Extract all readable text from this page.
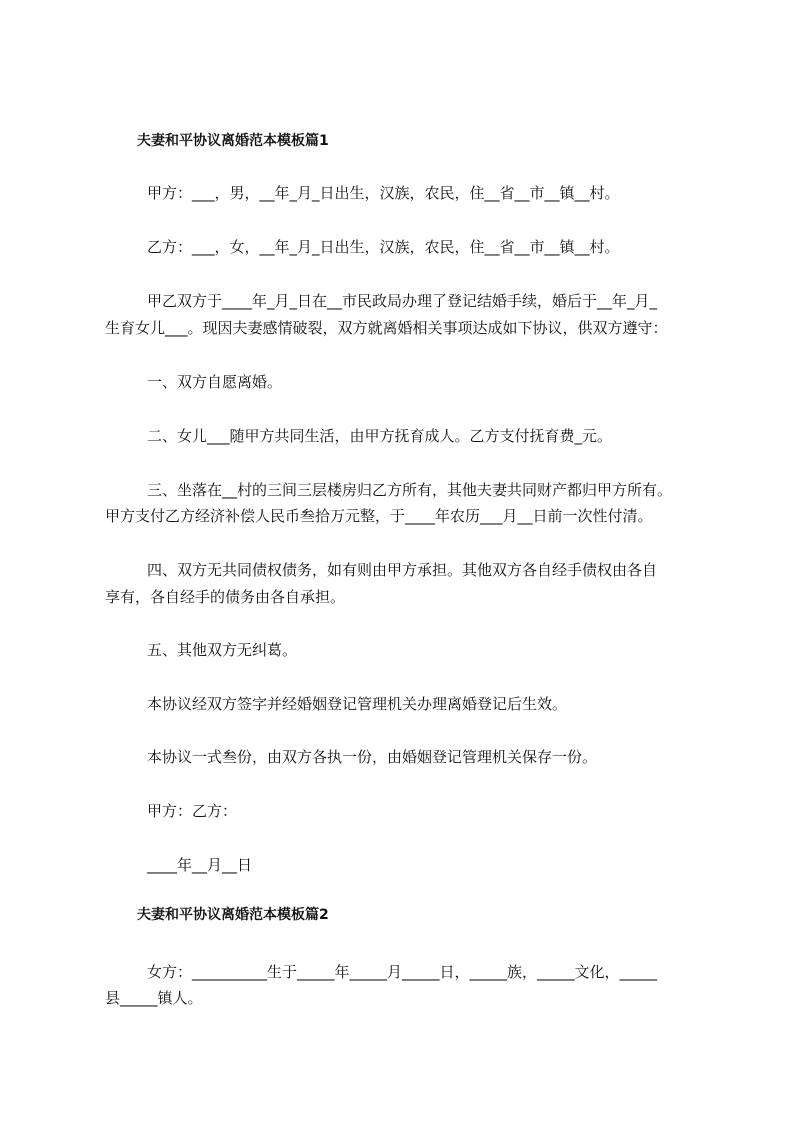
夫妻和平协议离婚范本模板篇1
甲方：___，男，__年_月_日出生，汉族，农民，住__省__市__镇__村。
乙方：___，女，__年_月_日出生，汉族，农民，住__省__市__镇__村。
甲乙双方于____年_月_日在__市民政局办理了登记结婚手续，婚后于__年_月_
生育女儿___。现因夫妻感情破裂，双方就离婚相关事项达成如下协议，供双方遵守：
一、双方自愿离婚。
二、女儿___随甲方共同生活，由甲方抚育成人。乙方支付抚育费_元。
三、坐落在__村的三间三层楼房归乙方所有，其他夫妻共同财产都归甲方所有。
甲方支付乙方经济补偿人民币叁拾万元整，于____年农历___月__日前一次性付清。
四、双方无共同债权债务，如有则由甲方承担。其他双方各自经手债权由各自
享有，各自经手的债务由各自承担。
五、其他双方无纠葛。
本协议经双方签字并经婚姻登记管理机关办理离婚登记后生效。
本协议一式叁份，由双方各执一份，由婚姻登记管理机关保存一份。
甲方：乙方：
____年__月__日
夫妻和平协议离婚范本模板篇2
女方：__________生于_____年_____月_____日，_____族，_____文化，_____
县_____镇人。
